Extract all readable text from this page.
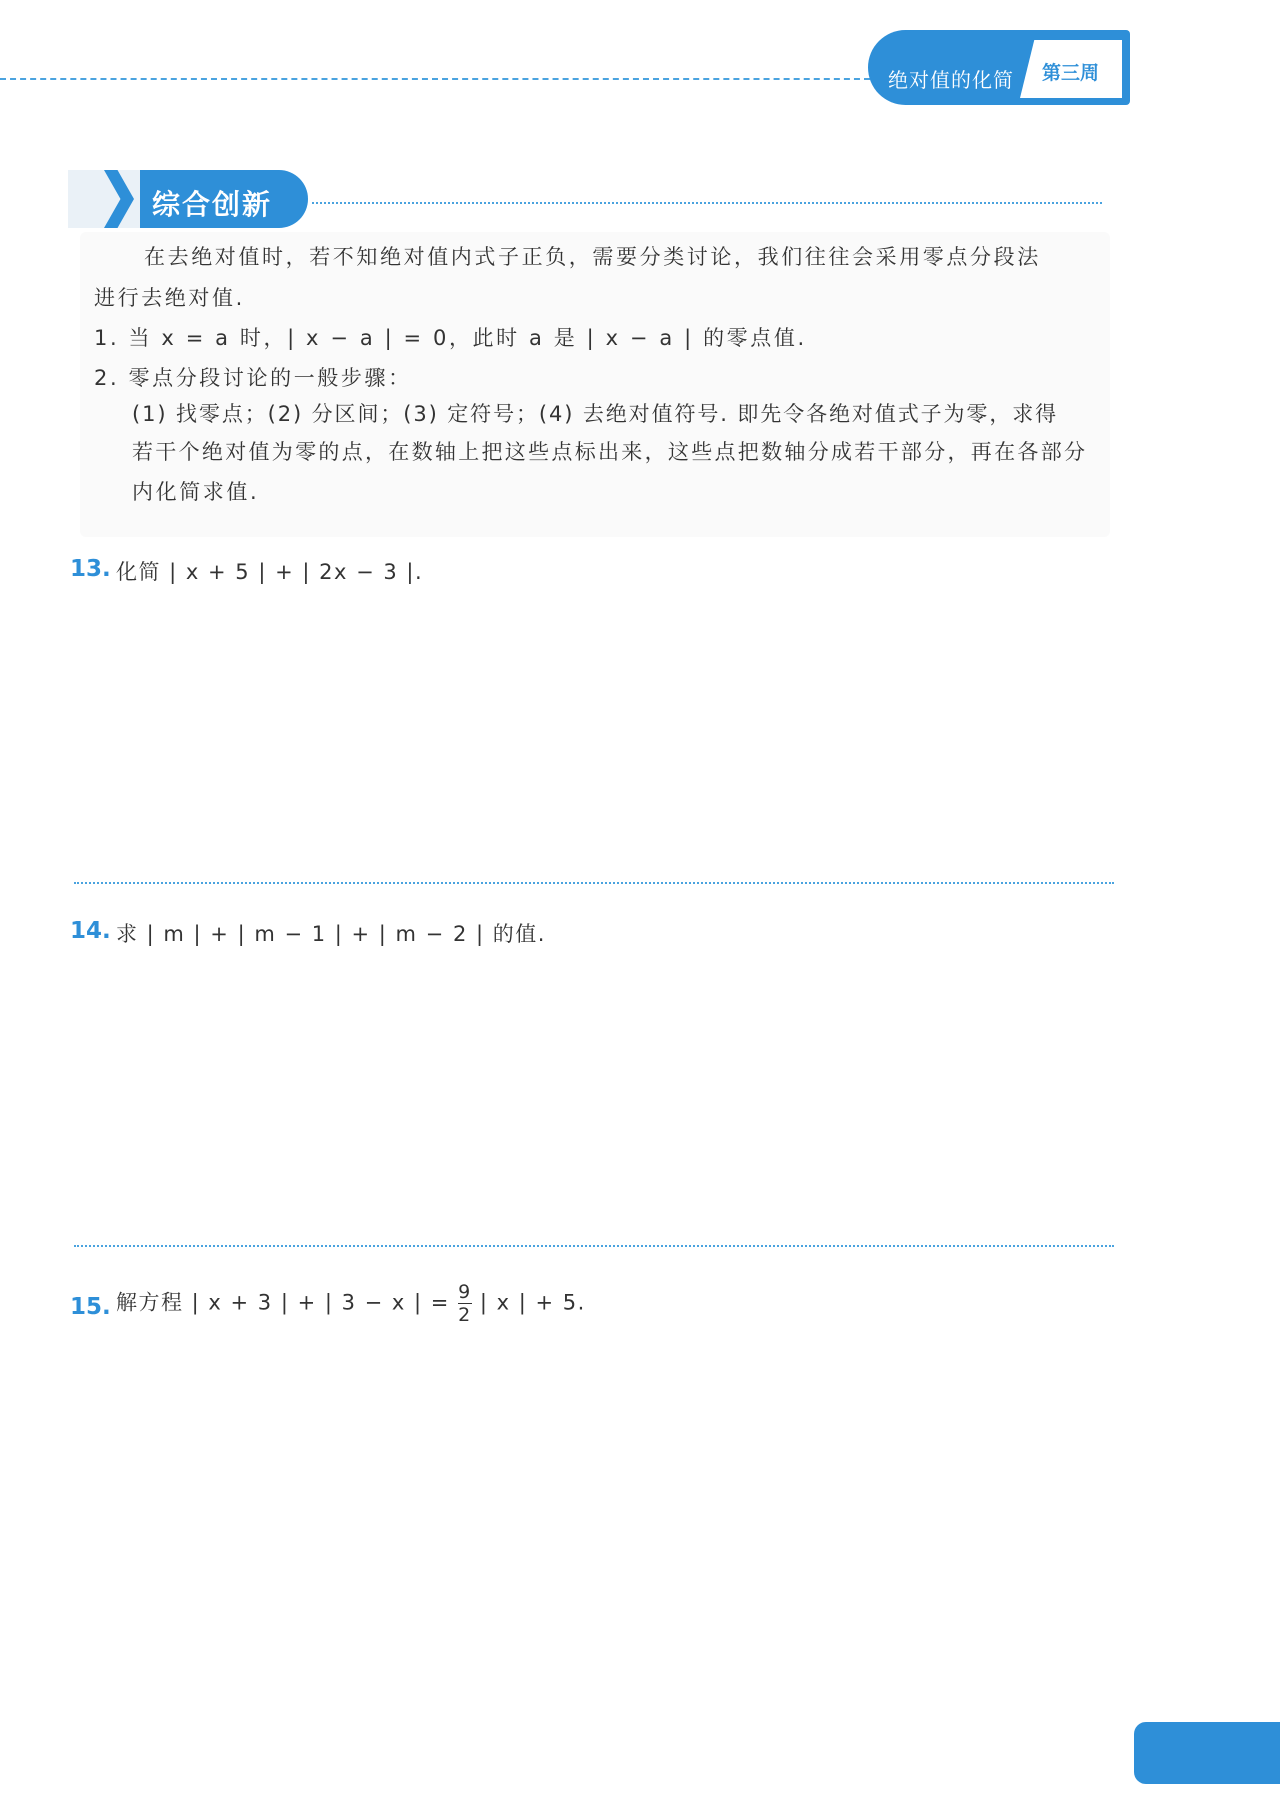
绝对值的化简 第三周
综合创新
在去绝对值时，若不知绝对值内式子正负，需要分类讨论，我们往往会采用零点分段法
进行去绝对值.
1. 当 x = a 时，| x − a | = 0，此时 a 是 | x − a | 的零点值.
2. 零点分段讨论的一般步骤：
(1) 找零点；(2) 分区间；(3) 定符号；(4) 去绝对值符号. 即先令各绝对值式子为零，求得
若干个绝对值为零的点，在数轴上把这些点标出来，这些点把数轴分成若干部分，再在各部分
内化简求值.
13. 化简 | x + 5 | + | 2x − 3 |.
14. 求 | m | + | m − 1 | + | m − 2 | 的值.
15. 解方程 | x + 3 | + | 3 − x | = $\frac{9}{2}$ | x | + 5.
